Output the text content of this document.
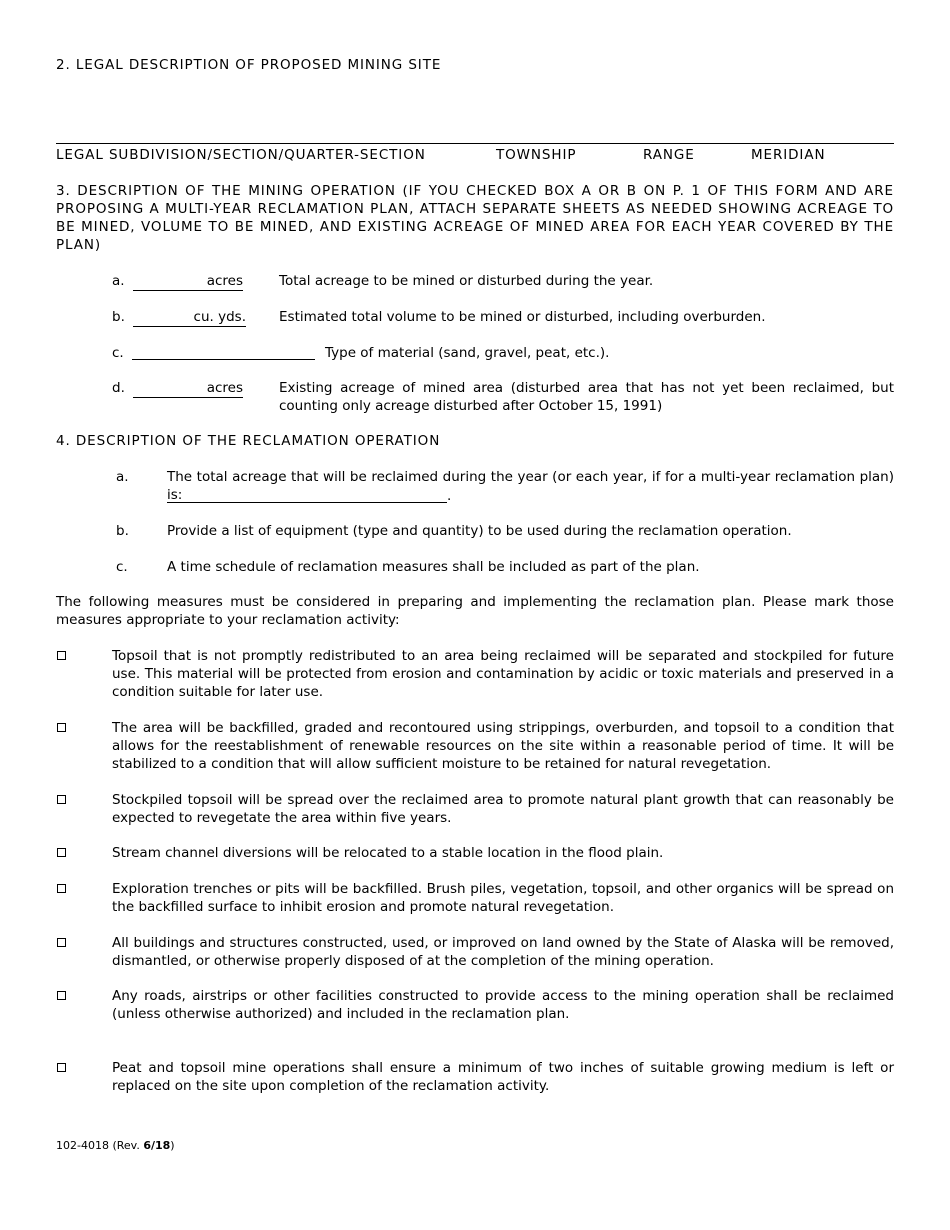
2. LEGAL DESCRIPTION OF PROPOSED MINING SITE
LEGAL SUBDIVISION/SECTION/QUARTER-SECTION	TOWNSHIP	RANGE	MERIDIAN
3. DESCRIPTION OF THE MINING OPERATION (IF YOU CHECKED BOX A OR B ON P. 1 OF THIS FORM AND ARE PROPOSING A MULTI-YEAR RECLAMATION PLAN, ATTACH SEPARATE SHEETS AS NEEDED SHOWING ACREAGE TO BE MINED, VOLUME TO BE MINED, AND EXISTING ACREAGE OF MINED AREA FOR EACH YEAR COVERED BY THE PLAN)
a.	acres	Total acreage to be mined or disturbed during the year.
b.	cu. yds. Estimated total volume to be mined or disturbed, including overburden.
c.	Type of material (sand, gravel, peat, etc.).
d.	acres	Existing acreage of mined area (disturbed area that has not yet been reclaimed, but counting only acreage disturbed after October 15, 1991)
4. DESCRIPTION OF THE RECLAMATION OPERATION
a.	The total acreage that will be reclaimed during the year (or each year, if for a multi-year reclamation plan) is:	.
b.	Provide a list of equipment (type and quantity) to be used during the reclamation operation.
c.	A time schedule of reclamation measures shall be included as part of the plan.
The following measures must be considered in preparing and implementing the reclamation plan. Please mark those measures appropriate to your reclamation activity:
Topsoil that is not promptly redistributed to an area being reclaimed will be separated and stockpiled for future use. This material will be protected from erosion and contamination by acidic or toxic materials and preserved in a condition suitable for later use.
The area will be backfilled, graded and recontoured using strippings, overburden, and topsoil to a condition that allows for the reestablishment of renewable resources on the site within a reasonable period of time. It will be stabilized to a condition that will allow sufficient moisture to be retained for natural revegetation.
Stockpiled topsoil will be spread over the reclaimed area to promote natural plant growth that can reasonably be expected to revegetate the area within five years.
Stream channel diversions will be relocated to a stable location in the flood plain.
Exploration trenches or pits will be backfilled. Brush piles, vegetation, topsoil, and other organics will be spread on the backfilled surface to inhibit erosion and promote natural revegetation.
All buildings and structures constructed, used, or improved on land owned by the State of Alaska will be removed, dismantled, or otherwise properly disposed of at the completion of the mining operation.
Any roads, airstrips or other facilities constructed to provide access to the mining operation shall be reclaimed (unless otherwise authorized) and included in the reclamation plan.
Peat and topsoil mine operations shall ensure a minimum of two inches of suitable growing medium is left or replaced on the site upon completion of the reclamation activity.
102-4018 (Rev. 6/18)
